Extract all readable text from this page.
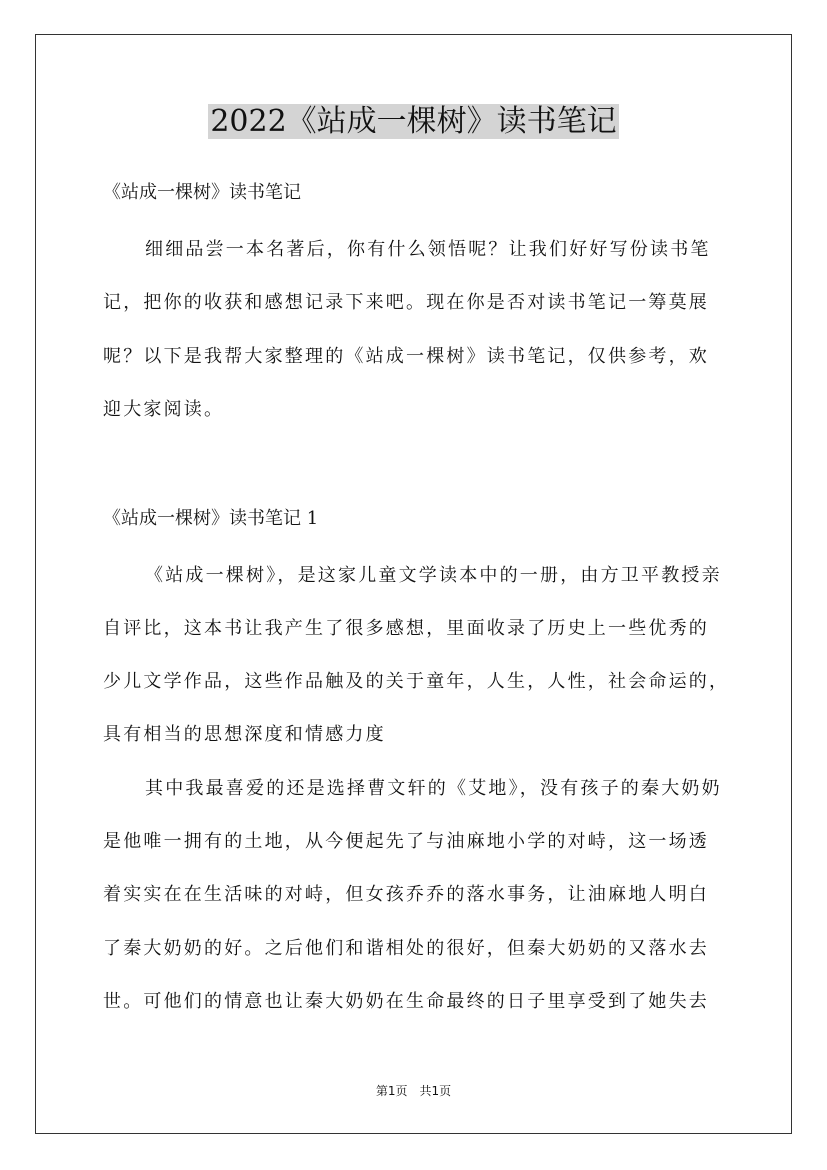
2022《站成一棵树》读书笔记
《站成一棵树》读书笔记
细细品尝一本名著后，你有什么领悟呢？让我们好好写份读书笔
记，把你的收获和感想记录下来吧。现在你是否对读书笔记一筹莫展
呢？以下是我帮大家整理的《站成一棵树》读书笔记，仅供参考，欢
迎大家阅读。
《站成一棵树》读书笔记 1
《站成一棵树》，是这家儿童文学读本中的一册，由方卫平教授亲
自评比，这本书让我产生了很多感想，里面收录了历史上一些优秀的
少儿文学作品，这些作品触及的关于童年，人生，人性，社会命运的，
具有相当的思想深度和情感力度
其中我最喜爱的还是选择曹文轩的《艾地》，没有孩子的秦大奶奶
是他唯一拥有的土地，从今便起先了与油麻地小学的对峙，这一场透
着实实在在生活味的对峙，但女孩乔乔的落水事务，让油麻地人明白
了秦大奶奶的好。之后他们和谐相处的很好，但秦大奶奶的又落水去
世。可他们的情意也让秦大奶奶在生命最终的日子里享受到了她失去
第1页　共1页
